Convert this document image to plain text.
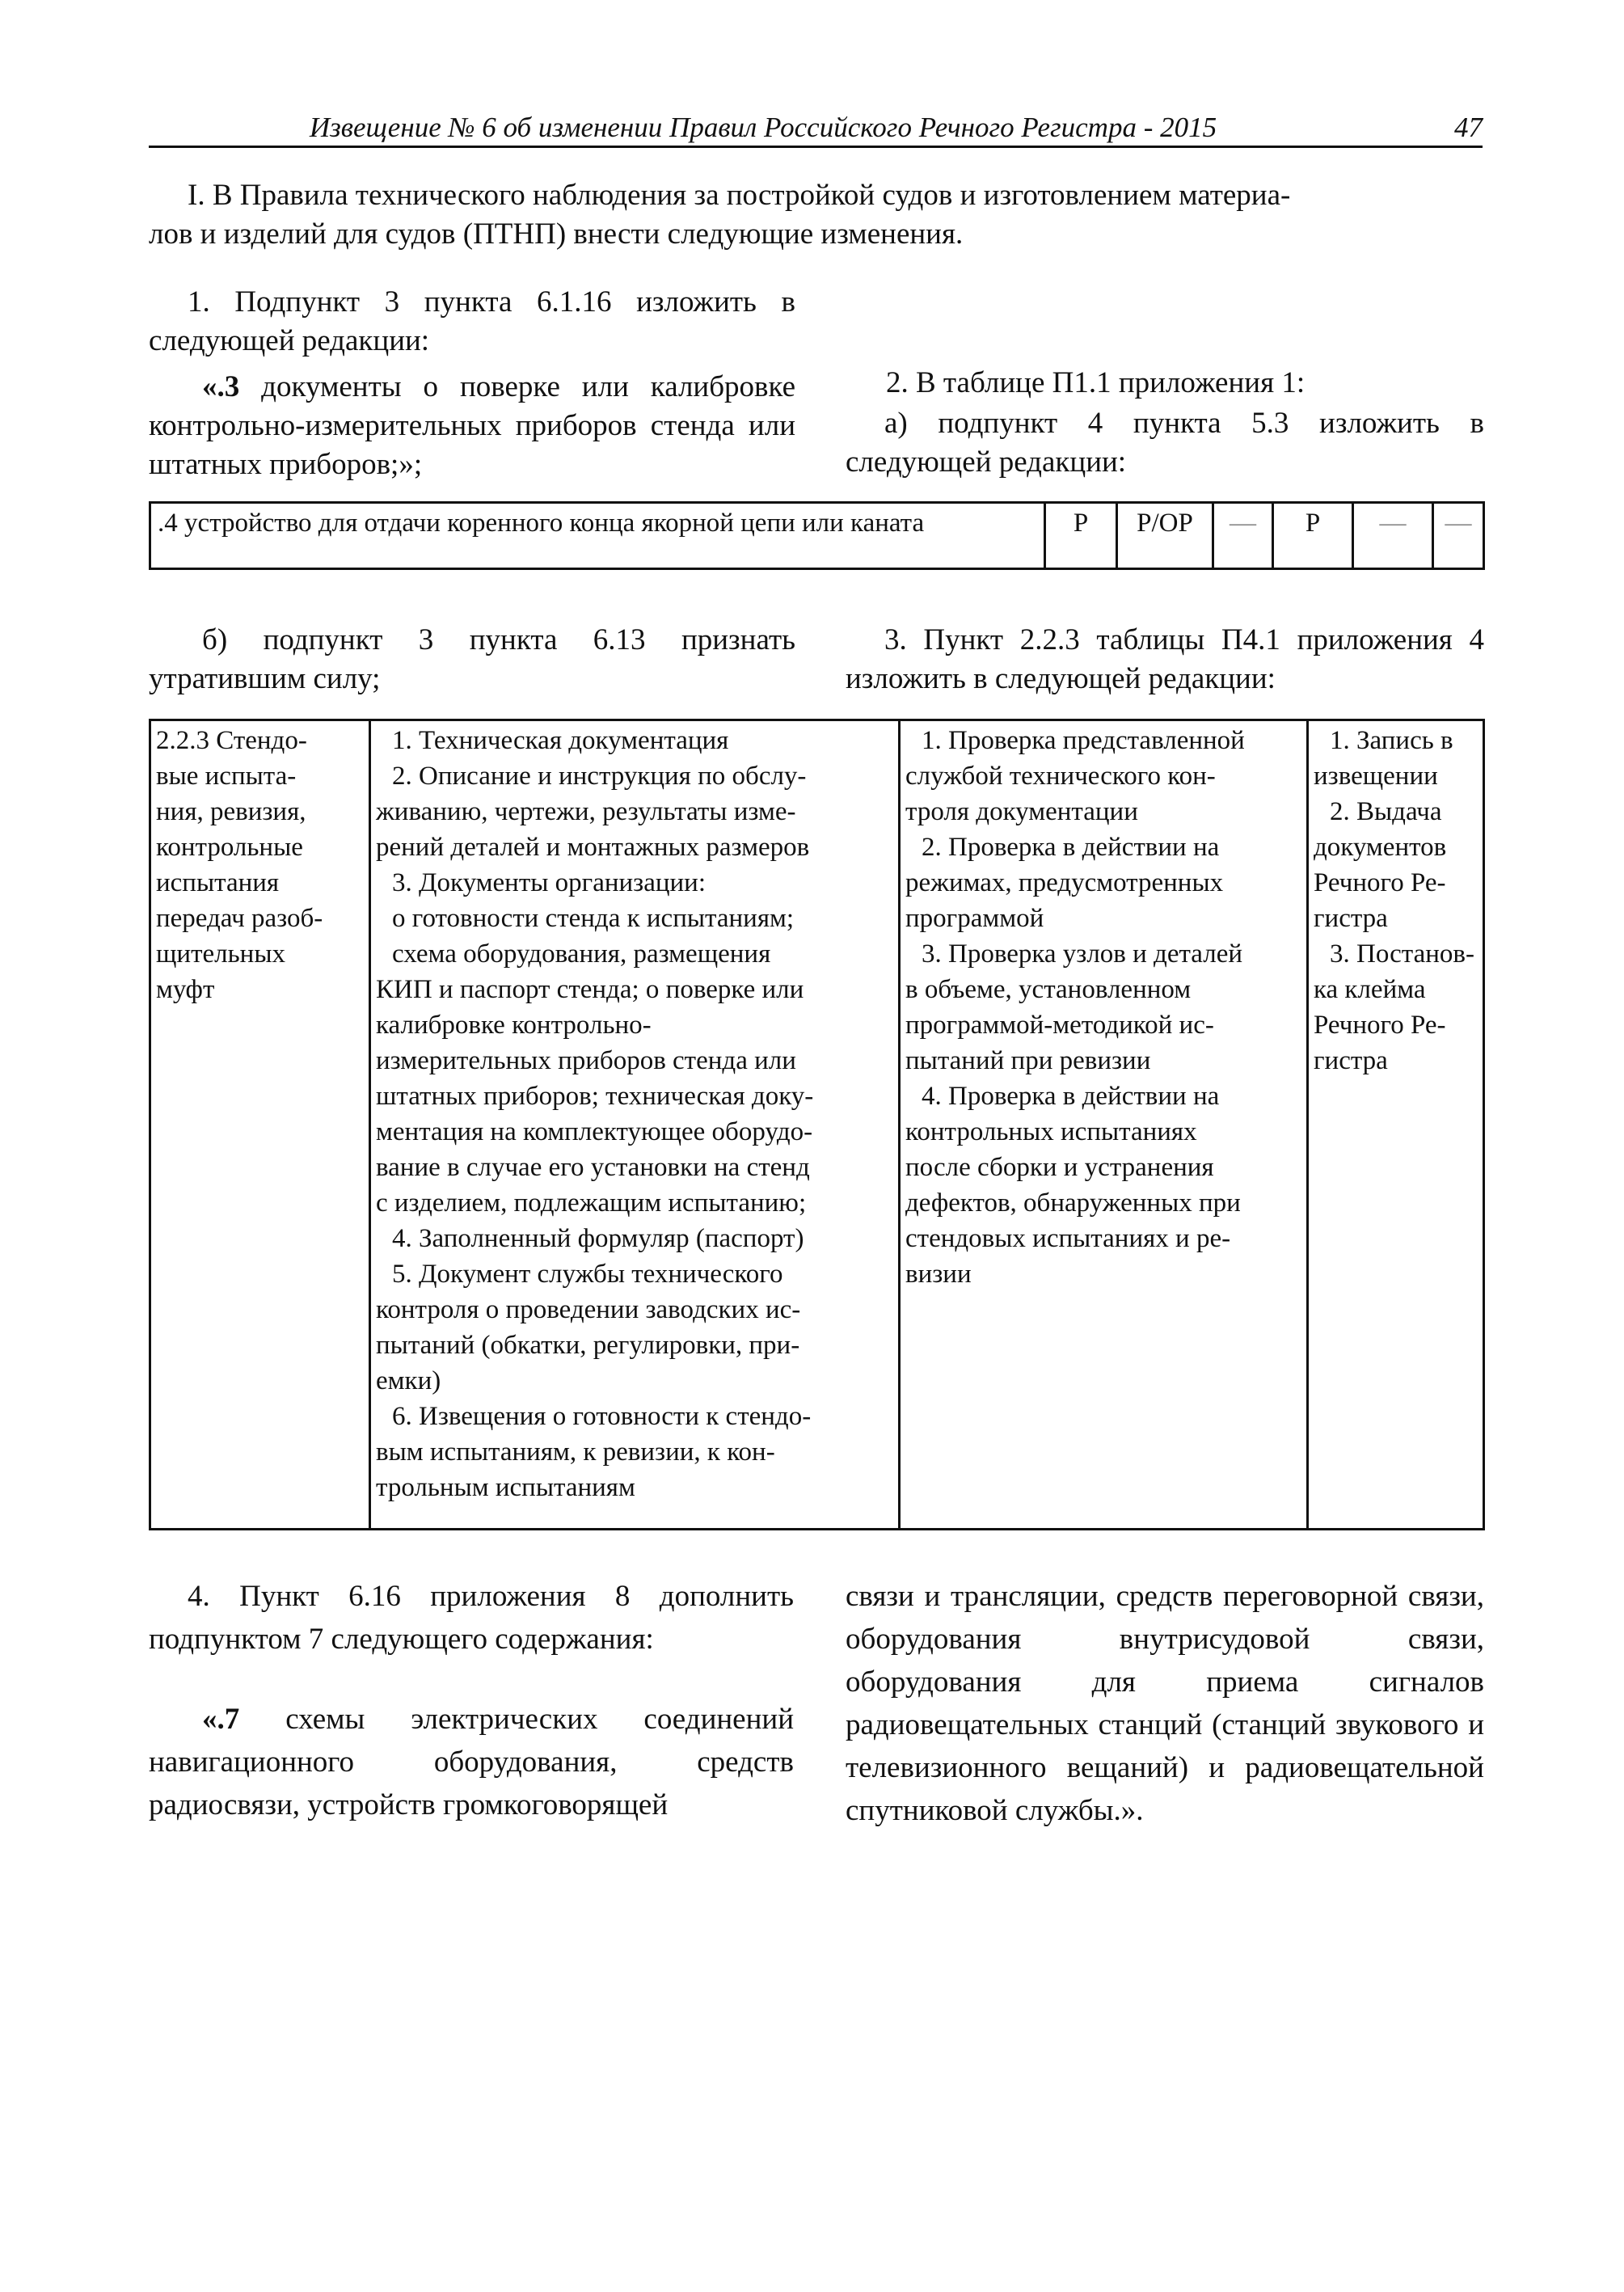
Извещение № 6 об изменении Правил Российского Речного Регистра - 2015	47
I. В Правила технического наблюдения за постройкой судов и изготовлением материа-
лов и изделий для судов (ПТНП) внести следующие изменения.
1. Подпункт 3 пункта 6.1.16 изложить в следующей редакции:
«.3 документы о поверке или калибровке контрольно-измерительных приборов стенда или штатных приборов;»;
2. В таблице П1.1 приложения 1:
а) подпункт 4 пункта 5.3 изложить в следующей редакции:
.4 устройство для отдачи коренного конца якорной цепи или каната	Р	Р/ОР	—	Р	—	—
б) подпункт 3 пункта 6.13 признать утратившим силу;
3. Пункт 2.2.3 таблицы П4.1 приложения 4 изложить в следующей редакции:
2.2.3 Стендо-
вые испыта-
ния, ревизия,
контрольные
испытания
передач разоб-
щительных
муфт

1. Техническая документация
2. Описание и инструкция по обслу-
живанию, чертежи, результаты изме-
рений деталей и монтажных размеров
3. Документы организации:
о готовности стенда к испытаниям;
схема оборудования, размещения
КИП и паспорт стенда; о поверке или
калибровке контрольно-
измерительных приборов стенда или
штатных приборов; техническая доку-
ментация на комплектующее оборудо-
вание в случае его установки на стенд
с изделием, подлежащим испытанию;
4. Заполненный формуляр (паспорт)
5. Документ службы технического
контроля о проведении заводских ис-
пытаний (обкатки, регулировки, при-
емки)
6. Извещения о готовности к стендо-
вым испытаниям, к ревизии, к кон-
трольным испытаниям

1. Проверка представленной
службой технического кон-
троля документации
2. Проверка в действии на
режимах, предусмотренных
программой
3. Проверка узлов и деталей
в объеме, установленном
программой-методикой ис-
пытаний при ревизии
4. Проверка в действии на
контрольных испытаниях
после сборки и устранения
дефектов, обнаруженных при
стендовых испытаниях и ре-
визии

1. Запись в
извещении
2. Выдача
документов
Речного Ре-
гистра
3. Постанов-
ка клейма
Речного Ре-
гистра
4. Пункт 6.16 приложения 8 дополнить подпунктом 7 следующего содержания:
«.7 схемы электрических соединений навигационного оборудования, средств радиосвязи, устройств громкоговорящей
связи и трансляции, средств переговорной связи, оборудования внутрисудовой связи, оборудования для приема сигналов радиовещательных станций (станций звукового и телевизионного вещаний) и радиовещательной спутниковой службы.».
